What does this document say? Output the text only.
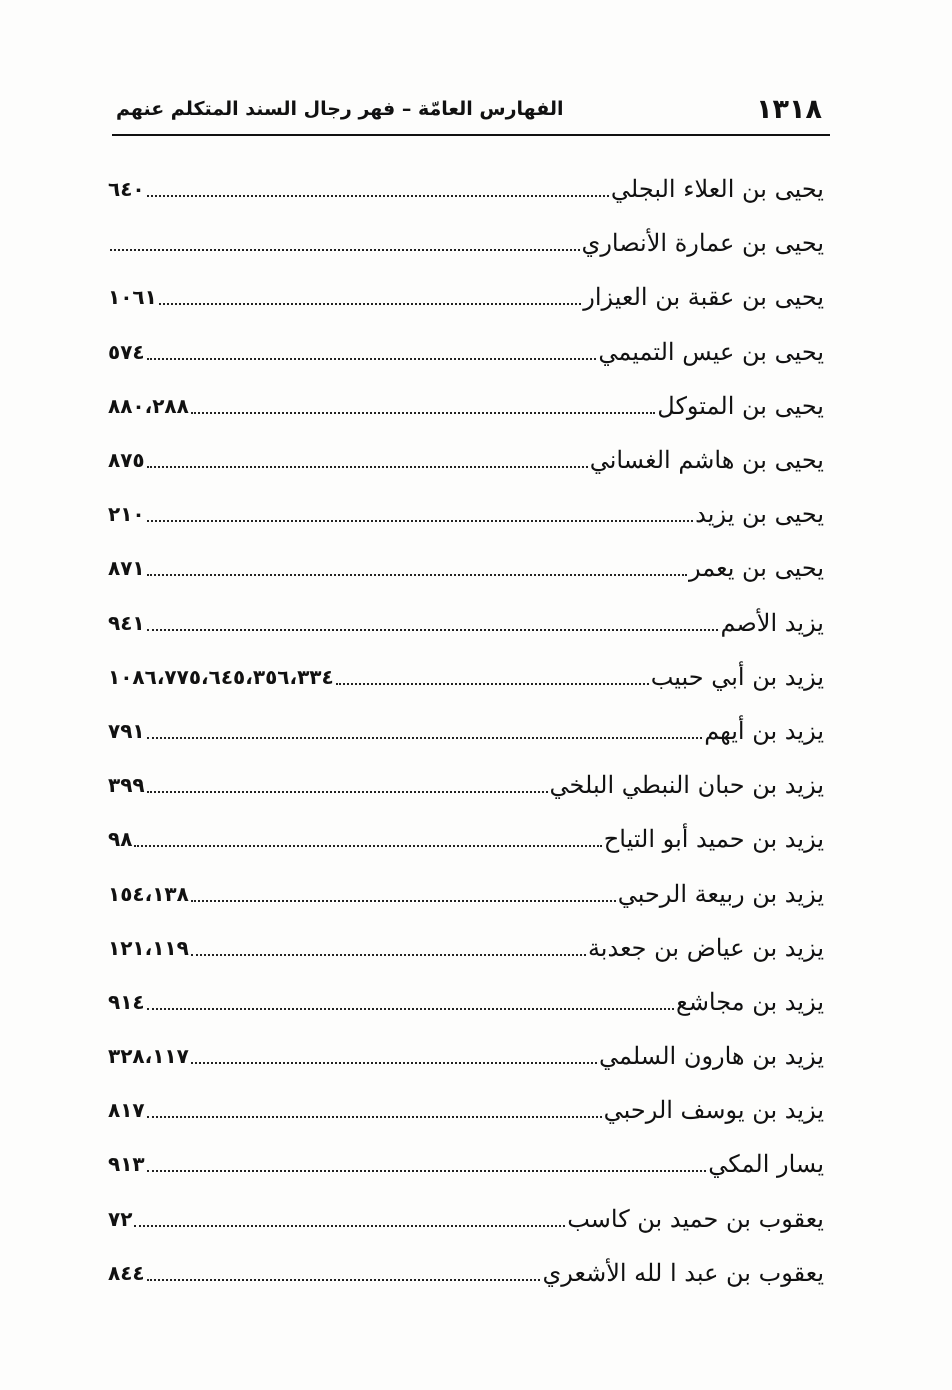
١٣١٨
الفهارس العامّة – فهر رجال السند المتكلم عنهم
يحيى بن العلاء البجلي
٦٤٠
يحيى بن عمارة الأنصاري
يحيى بن عقبة بن العيزار
١٠٦١
يحيى بن عيس التميمي
٥٧٤
يحيى بن المتوكل
٨٨٠،٢٨٨
يحيى بن هاشم الغساني
٨٧٥
يحيى بن يزيد
٢١٠
يحيى بن يعمر
٨٧١
يزيد الأصم
٩٤١
يزيد بن أبي حبيب
١٠٨٦،٧٧٥،٦٤٥،٣٥٦،٣٣٤
يزيد بن أيهم
٧٩١
يزيد بن حبان النبطي البلخي
٣٩٩
يزيد بن حميد أبو التياح
٩٨
يزيد بن ربيعة الرحبي
١٥٤،١٣٨
يزيد بن عياض بن جعدبة
١٢١،١١٩
يزيد بن مجاشع
٩١٤
يزيد بن هارون السلمي
٣٢٨،١١٧
يزيد بن يوسف الرحبي
٨١٧
يسار المكي
٩١٣
يعقوب بن حميد بن كاسب
٧٢
يعقوب بن عبد ا لله الأشعري
٨٤٤
